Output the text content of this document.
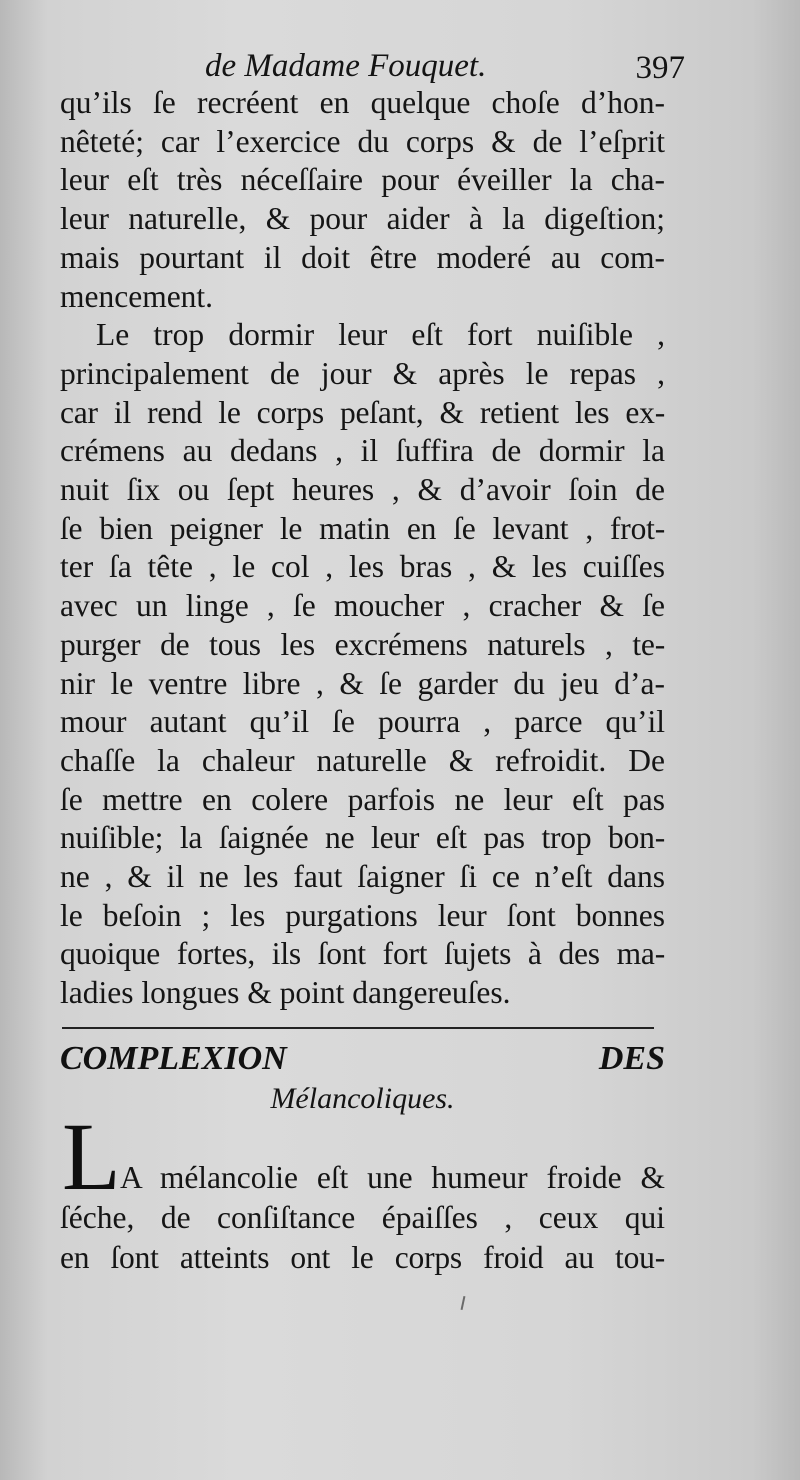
de Madame Fouquet.	397
qu’ils ſe recréent en quelque choſe d’hon-
nêteté; car l’exercice du corps & de l’eſprit
leur eſt très néceſſaire pour éveiller la cha-
leur naturelle, & pour aider à la digeſtion;
mais pourtant il doit être moderé au com-
mencement.
Le trop dormir leur eſt fort nuiſible ,
principalement de jour & après le repas ,
car il rend le corps peſant, & retient les ex-
crémens au dedans , il ſuffira de dormir la
nuit ſix ou ſept heures , & d’avoir ſoin de
ſe bien peigner le matin en ſe levant , frot-
ter ſa tête , le col , les bras , & les cuiſſes
avec un linge , ſe moucher , cracher & ſe
purger de tous les excrémens naturels , te-
nir le ventre libre , & ſe garder du jeu d’a-
mour autant qu’il ſe pourra , parce qu’il
chaſſe la chaleur naturelle & refroidit. De
ſe mettre en colere parfois ne leur eſt pas
nuiſible; la ſaignée ne leur eſt pas trop bon-
ne , & il ne les faut ſaigner ſi ce n’eſt dans
le beſoin ; les purgations leur ſont bonnes
quoique fortes, ils ſont fort ſujets à des ma-
ladies longues & point dangereuſes.
COMPLEXION DES
Mélancoliques.
L A mélancolie eſt une humeur froide &
ſéche, de conſiſtance épaiſſes , ceux qui
en ſont atteints ont le corps froid au tou-
